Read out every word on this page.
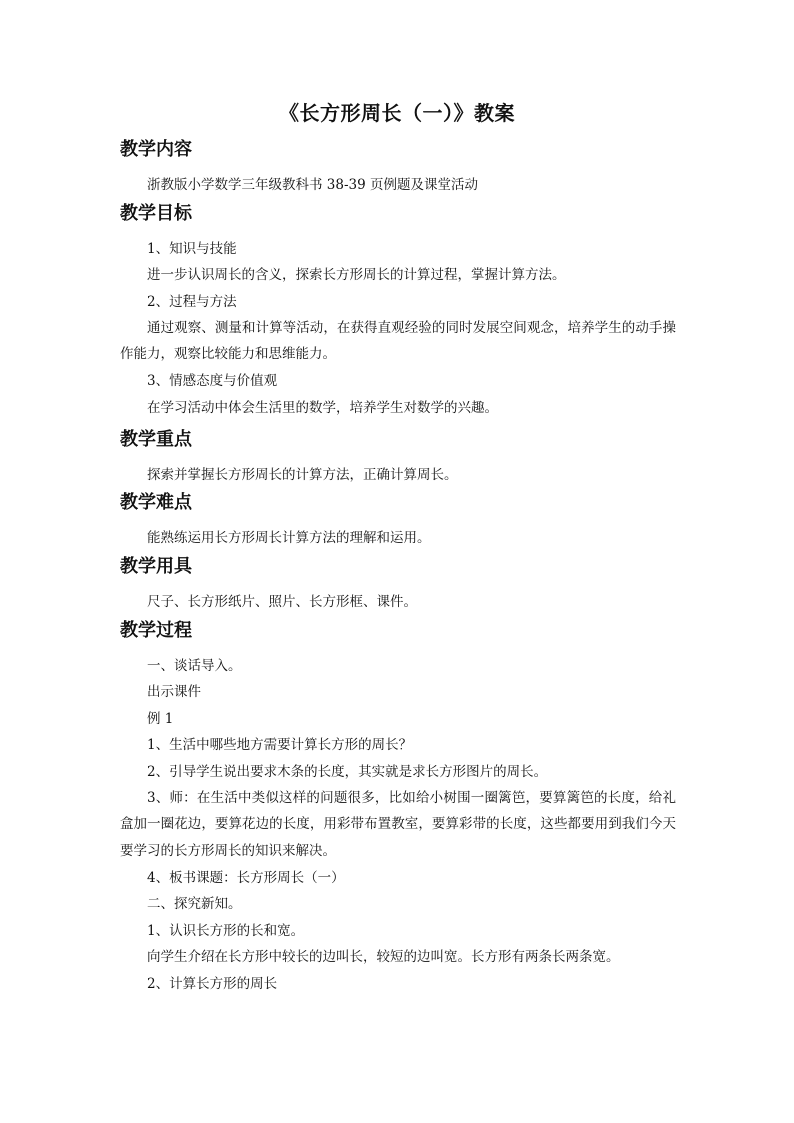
《长方形周长（一）》教案
教学内容
浙教版小学数学三年级教科书 38-39 页例题及课堂活动
教学目标
1、知识与技能
进一步认识周长的含义，探索长方形周长的计算过程，掌握计算方法。
2、过程与方法
通过观察、测量和计算等活动，在获得直观经验的同时发展空间观念，培养学生的动手操作能力，观察比较能力和思维能力。
3、情感态度与价值观
在学习活动中体会生活里的数学，培养学生对数学的兴趣。
教学重点
探索并掌握长方形周长的计算方法，正确计算周长。
教学难点
能熟练运用长方形周长计算方法的理解和运用。
教学用具
尺子、长方形纸片、照片、长方形框、课件。
教学过程
一、谈话导入。
出示课件
例 1
1、生活中哪些地方需要计算长方形的周长？
2、引导学生说出要求木条的长度，其实就是求长方形图片的周长。
3、师：在生活中类似这样的问题很多，比如给小树围一圈篱笆，要算篱笆的长度，给礼盒加一圈花边，要算花边的长度，用彩带布置教室，要算彩带的长度，这些都要用到我们今天要学习的长方形周长的知识来解决。
4、板书课题：长方形周长（一）
二、探究新知。
1、认识长方形的长和宽。
向学生介绍在长方形中较长的边叫长，较短的边叫宽。长方形有两条长两条宽。
2、计算长方形的周长
